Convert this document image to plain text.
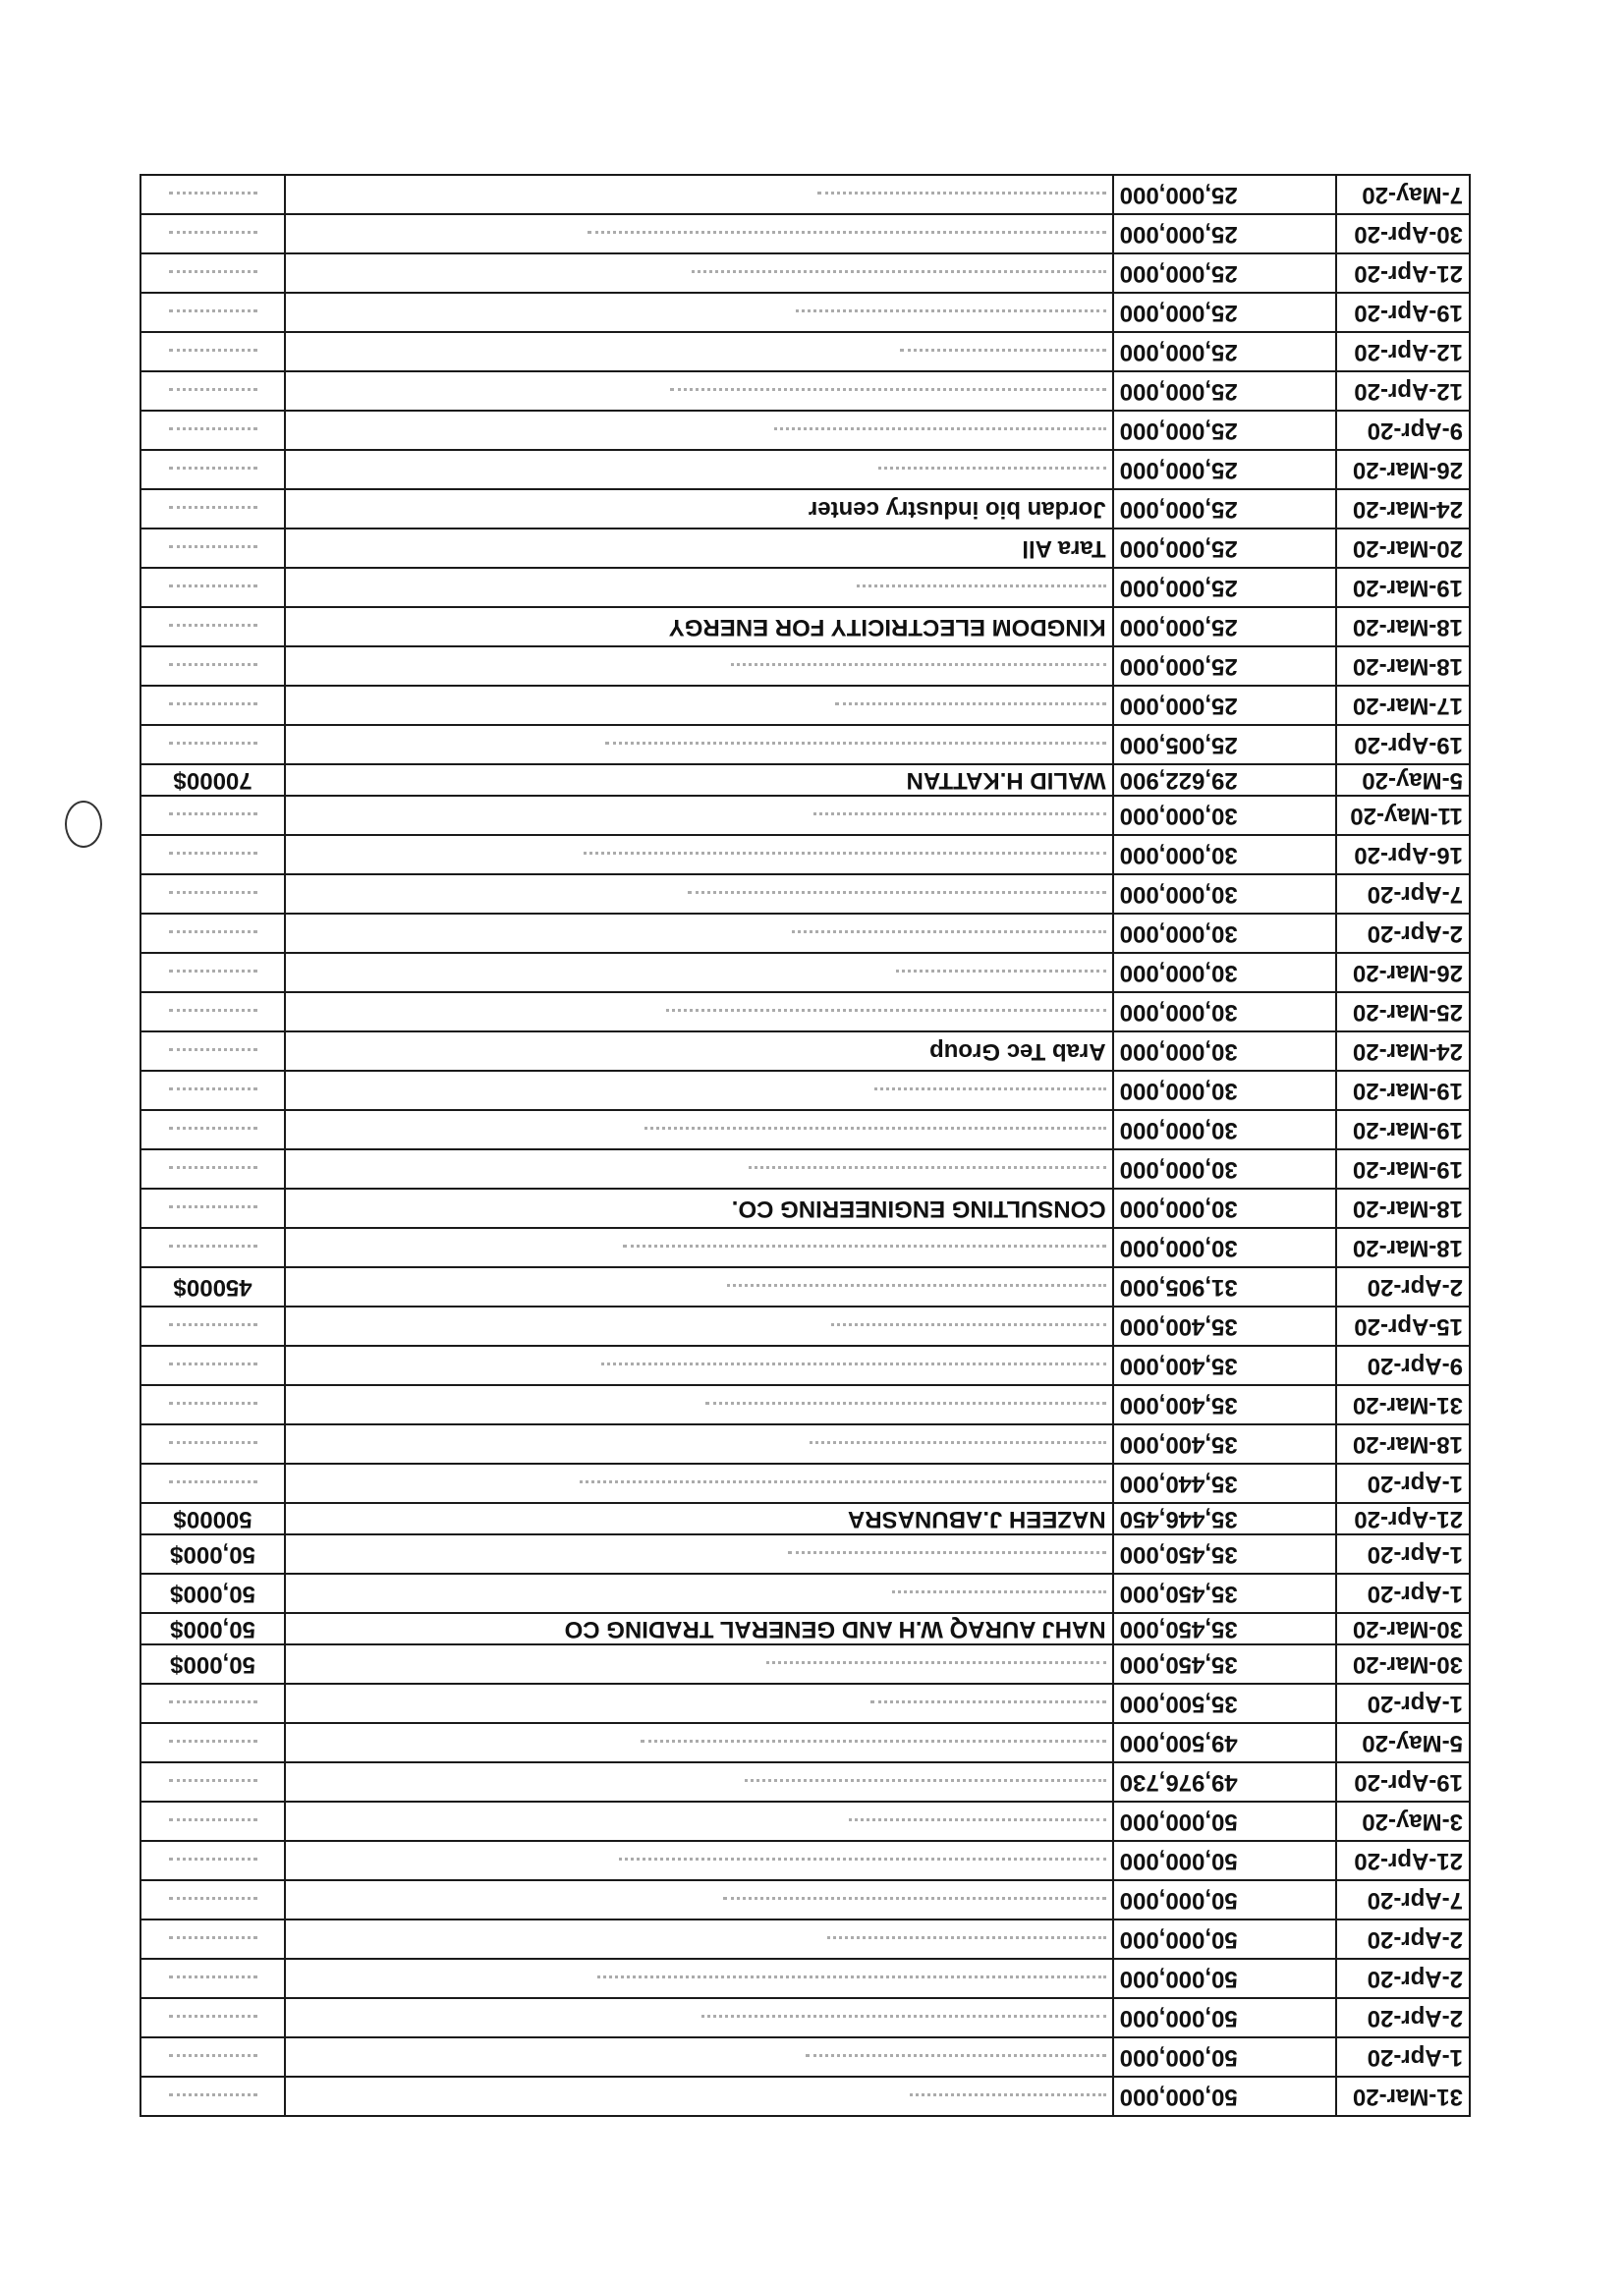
31-Mar-20	50,000,000		
1-Apr-20	50,000,000		
2-Apr-20	50,000,000		
2-Apr-20	50,000,000		
2-Apr-20	50,000,000		
7-Apr-20	50,000,000		
21-Apr-20	50,000,000		
3-May-20	50,000,000		
19-Apr-20	49,976,730		
5-May-20	49,500,000		
1-Apr-20	35,500,000		
30-Mar-20	35,450,000		50,000$
30-Mar-20	35,450,000	NAHJ AURAQ W.H AND GENERAL TRADING CO	50,000$
1-Apr-20	35,450,000		50,000$
1-Apr-20	35,450,000		50,000$
21-Apr-20	35,446,450	NAZEEH J.ABUNASRA	50000$
1-Apr-20	35,440,000		
18-Mar-20	35,400,000		
31-Mar-20	35,400,000		
9-Apr-20	35,400,000		
15-Apr-20	35,400,000		
2-Apr-20	31,905,000		45000$
18-Mar-20	30,000,000		
18-Mar-20	30,000,000	CONSULTING ENGINEERING CO.	
19-Mar-20	30,000,000		
19-Mar-20	30,000,000		
19-Mar-20	30,000,000		
24-Mar-20	30,000,000	Arab Tec Group	
25-Mar-20	30,000,000		
26-Mar-20	30,000,000		
2-Apr-20	30,000,000		
7-Apr-20	30,000,000		
16-Apr-20	30,000,000		
11-May-20	30,000,000		
5-May-20	29,622,900	WALID H.KATTAN	70000$
19-Apr-20	25,005,000		
17-Mar-20	25,000,000		
18-Mar-20	25,000,000		
18-Mar-20	25,000,000	KINGDOM ELECTRICITY FOR ENERGY	
19-Mar-20	25,000,000		
20-Mar-20	25,000,000	Tara All	
24-Mar-20	25,000,000	Jordan bio industry center	
26-Mar-20	25,000,000		
9-Apr-20	25,000,000		
12-Apr-20	25,000,000		
12-Apr-20	25,000,000		
19-Apr-20	25,000,000		
21-Apr-20	25,000,000		
30-Apr-20	25,000,000		
7-May-20	25,000,000		
